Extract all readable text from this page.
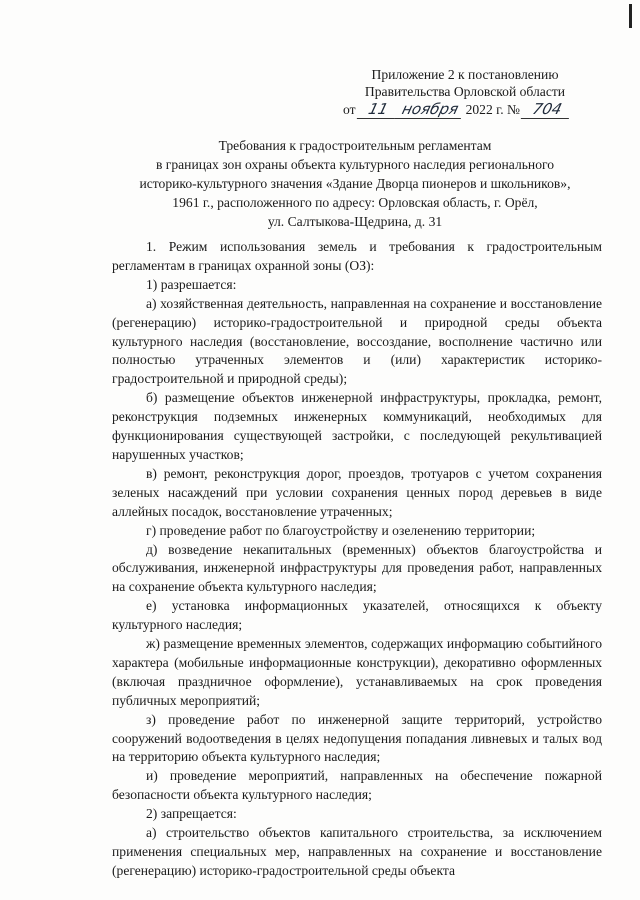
Приложение 2 к постановлению
Правительства Орловской области
от 11 ноября 2022 г. № 704
Требования к градостроительным регламентам
в границах зон охраны объекта культурного наследия регионального
историко-культурного значения «Здание Дворца пионеров и школьников»,
1961 г., расположенного по адресу: Орловская область, г. Орёл,
ул. Салтыкова-Щедрина, д. 31

1. Режим использования земель и требования к градостроительным регламентам в границах охранной зоны (ОЗ):

1) разрешается:

а) хозяйственная деятельность, направленная на сохранение и восстановление (регенерацию) историко-градостроительной и природной среды объекта культурного наследия (восстановление, воссоздание, восполнение частично или полностью утраченных элементов и (или) характеристик историко-градостроительной и природной среды);

б) размещение объектов инженерной инфраструктуры, прокладка, ремонт, реконструкция подземных инженерных коммуникаций, необходимых для функционирования существующей застройки, с последующей рекультивацией нарушенных участков;

в) ремонт, реконструкция дорог, проездов, тротуаров с учетом сохранения зеленых насаждений при условии сохранения ценных пород деревьев в виде аллейных посадок, восстановление утраченных;

г) проведение работ по благоустройству и озеленению территории;

д) возведение некапитальных (временных) объектов благоустройства и обслуживания, инженерной инфраструктуры для проведения работ, направленных на сохранение объекта культурного наследия;

е) установка информационных указателей, относящихся к объекту культурного наследия;

ж) размещение временных элементов, содержащих информацию событийного характера (мобильные информационные конструкции), декоративно оформленных (включая праздничное оформление), устанавливаемых на срок проведения публичных мероприятий;

з) проведение работ по инженерной защите территорий, устройство сооружений водоотведения в целях недопущения попадания ливневых и талых вод на территорию объекта культурного наследия;

и) проведение мероприятий, направленных на обеспечение пожарной безопасности объекта культурного наследия;

2) запрещается:

а) строительство объектов капитального строительства, за исключением применения специальных мер, направленных на сохранение и восстановление (регенерацию) историко-градостроительной среды объекта
